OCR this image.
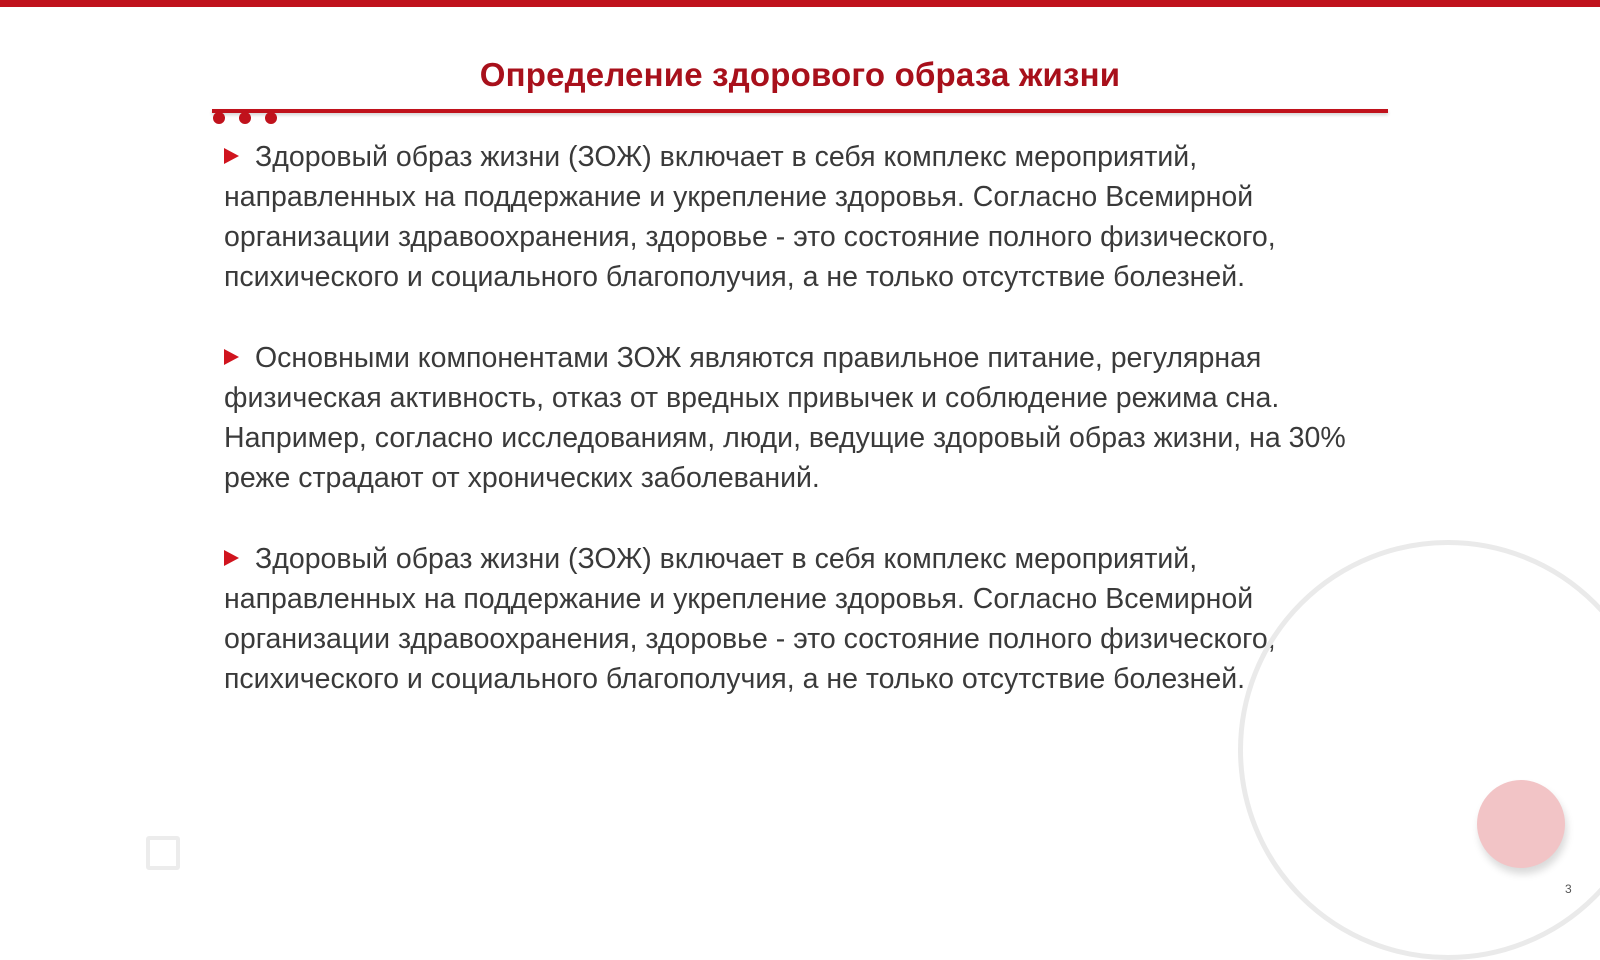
Определение здорового образа жизни

Здоровый образ жизни (ЗОЖ) включает в себя комплекс мероприятий, направленных на поддержание и укрепление здоровья. Согласно Всемирной организации здравоохранения, здоровье - это состояние полного физического, психического и социального благополучия, а не только отсутствие болезней.

Основными компонентами ЗОЖ являются правильное питание, регулярная физическая активность, отказ от вредных привычек и соблюдение режима сна. Например, согласно исследованиям, люди, ведущие здоровый образ жизни, на 30% реже страдают от хронических заболеваний.

Здоровый образ жизни (ЗОЖ) включает в себя комплекс мероприятий, направленных на поддержание и укрепление здоровья. Согласно Всемирной организации здравоохранения, здоровье - это состояние полного физического, психического и социального благополучия, а не только отсутствие болезней.

3
